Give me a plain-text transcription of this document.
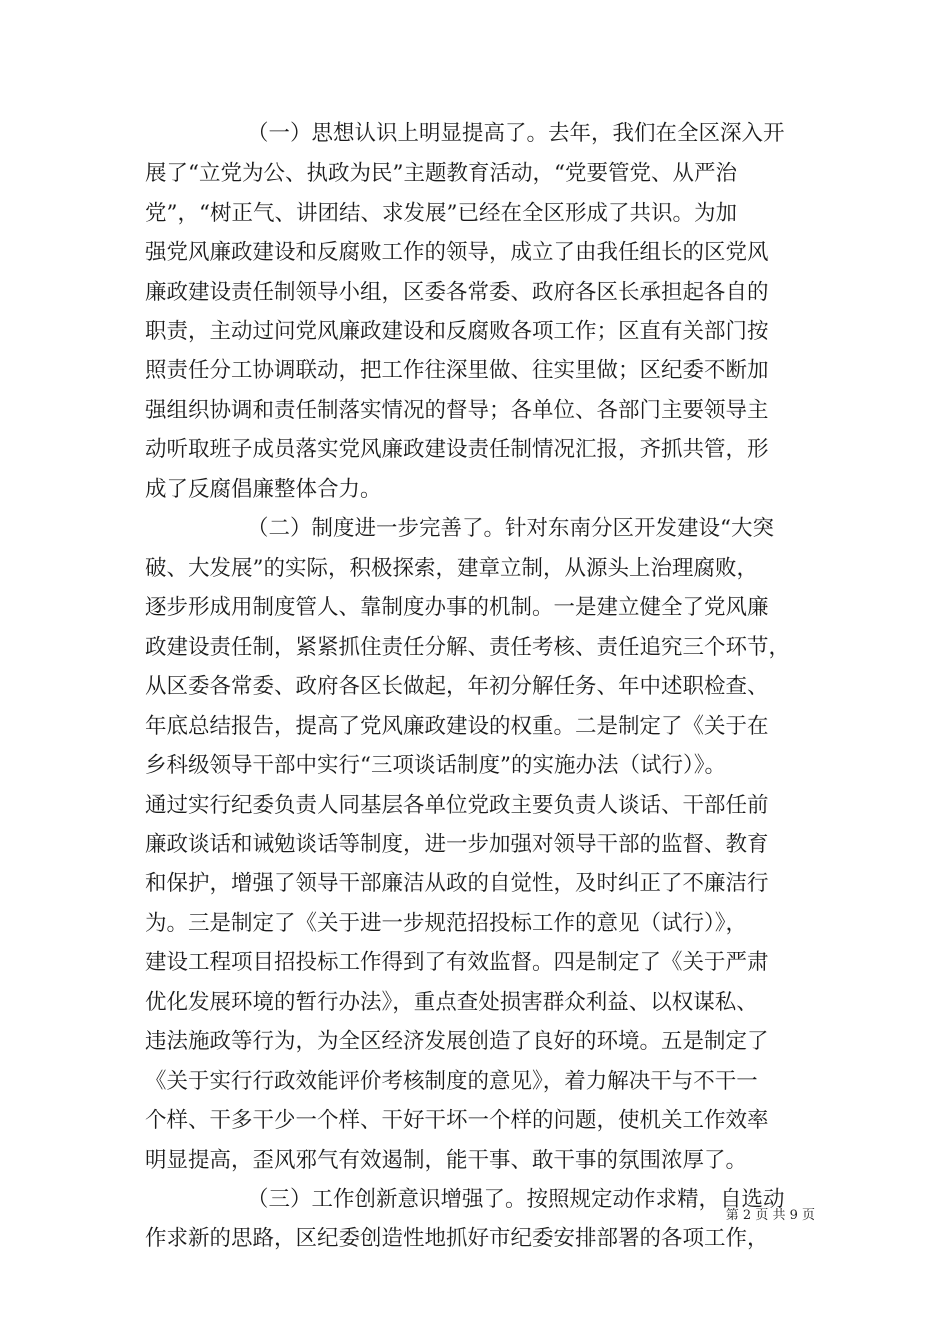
（一）思想认识上明显提高了。去年，我们在全区深入开
展了“立党为公、执政为民”主题教育活动，“党要管党、从严治
党”，“树正气、讲团结、求发展”已经在全区形成了共识。为加
强党风廉政建设和反腐败工作的领导，成立了由我任组长的区党风
廉政建设责任制领导小组，区委各常委、政府各区长承担起各自的
职责，主动过问党风廉政建设和反腐败各项工作；区直有关部门按
照责任分工协调联动，把工作往深里做、往实里做；区纪委不断加
强组织协调和责任制落实情况的督导；各单位、各部门主要领导主
动听取班子成员落实党风廉政建设责任制情况汇报，齐抓共管，形
成了反腐倡廉整体合力。
（二）制度进一步完善了。针对东南分区开发建设“大突
破、大发展”的实际，积极探索，建章立制，从源头上治理腐败，
逐步形成用制度管人、靠制度办事的机制。一是建立健全了党风廉
政建设责任制，紧紧抓住责任分解、责任考核、责任追究三个环节，
从区委各常委、政府各区长做起，年初分解任务、年中述职检查、
年底总结报告，提高了党风廉政建设的权重。二是制定了《关于在
乡科级领导干部中实行“三项谈话制度”的实施办法（试行）》。
通过实行纪委负责人同基层各单位党政主要负责人谈话、干部任前
廉政谈话和诫勉谈话等制度，进一步加强对领导干部的监督、教育
和保护，增强了领导干部廉洁从政的自觉性，及时纠正了不廉洁行
为。三是制定了《关于进一步规范招投标工作的意见（试行）》，
建设工程项目招投标工作得到了有效监督。四是制定了《关于严肃
优化发展环境的暂行办法》，重点查处损害群众利益、以权谋私、
违法施政等行为，为全区经济发展创造了良好的环境。五是制定了
《关于实行行政效能评价考核制度的意见》，着力解决干与不干一
个样、干多干少一个样、干好干坏一个样的问题，使机关工作效率
明显提高，歪风邪气有效遏制，能干事、敢干事的氛围浓厚了。
（三）工作创新意识增强了。按照规定动作求精，自选动
作求新的思路，区纪委创造性地抓好市纪委安排部署的各项工作，
第 2 页 共 9 页
